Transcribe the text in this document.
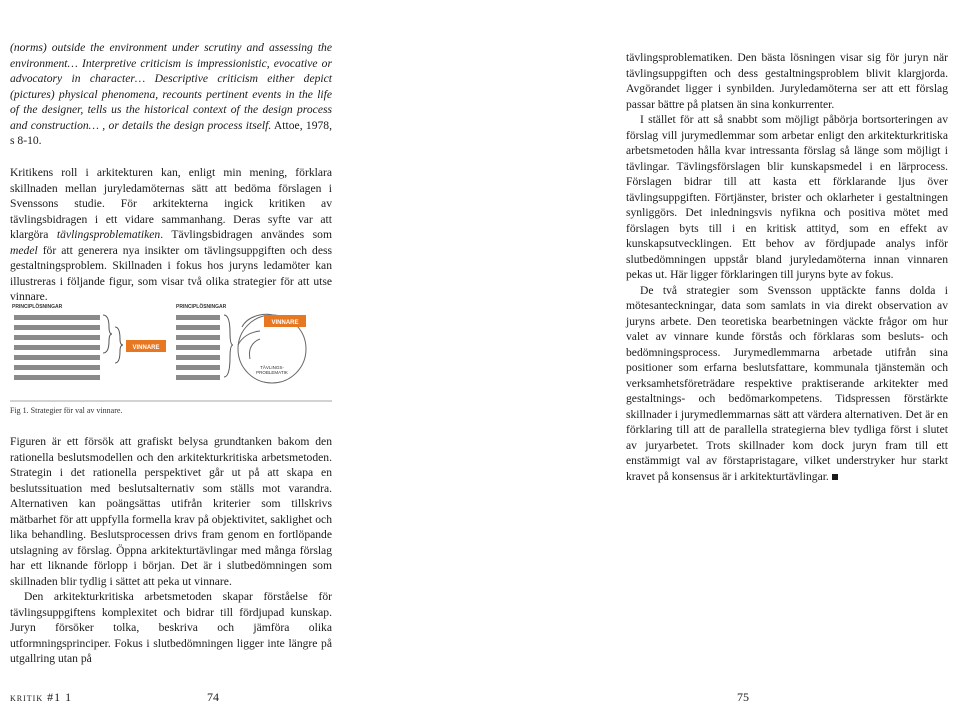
(norms) outside the environment under scrutiny and assessing the environment… Interpretive criticism is impressionistic, evocative or advocatory in character… Descriptive criticism either depict (pictures) physical phenomena, recounts pertinent events in the life of the designer, tells us the historical context of the design process and construction… , or details the design process itself. Attoe, 1978, s 8-10.

Kritikens roll i arkitekturen kan, enligt min mening, förklara skillnaden mellan juryledamöternas sätt att bedöma förslagen i Svenssons studie. För arkitekterna ingick kritiken av tävlingsbidragen i ett vidare sammanhang. Deras syfte var att klargöra tävlingsproblematiken. Tävlingsbidragen användes som medel för att generera nya insikter om tävlingsuppgiften och dess gestaltningsproblem. Skillnaden i fokus hos juryns ledamöter kan illustreras i följande figur, som visar två olika strategier för att utse vinnare.

PRINCIPLÖSNINGAR
VINNARE
PRINCIPLÖSNINGAR
VINNARE
TÄVLINGS-
PROBLEMATIK
Fig 1. Strategier för val av vinnare.

Figuren är ett försök att grafiskt belysa grundtanken bakom den rationella beslutsmodellen och den arkitekturkritiska arbetsmetoden. Strategin i det rationella perspektivet går ut på att skapa en beslutssituation med beslutsalternativ som ställs mot varandra. Alternativen kan poängsättas utifrån kriterier som tillskrivs mätbarhet för att uppfylla formella krav på objektivitet, saklighet och lika behandling. Beslutsprocessen drivs fram genom en fortlöpande utslagning av förslag. Öppna arkitekturtävlingar med många förslag har ett liknande förlopp i början. Det är i slutbedömningen som skillnaden blir tydlig i sättet att peka ut vinnare.

Den arkitekturkritiska arbetsmetoden skapar förståelse för tävlingsuppgiftens komplexitet och bidrar till fördjupad kunskap. Juryn försöker tolka, beskriva och jämföra olika utformningsprinciper. Fokus i slutbedömningen ligger inte längre på utgallring utan på

kritik #1 1	74

tävlingsproblematiken. Den bästa lösningen visar sig för juryn när tävlingsuppgiften och dess gestaltningsproblem blivit klargjorda. Avgörandet ligger i synbilden. Juryledamöterna ser att ett förslag passar bättre på platsen än sina konkurrenter.

I stället för att så snabbt som möjligt påbörja bortsorteringen av förslag vill jurymedlemmar som arbetar enligt den arkitekturkritiska arbetsmetoden hålla kvar intressanta förslag så länge som möjligt i tävlingar. Tävlingsförslagen blir kunskapsmedel i en lärprocess. Förslagen bidrar till att kasta ett förklarande ljus över tävlingsuppgiften. Förtjänster, brister och oklarheter i gestaltningen synliggörs. Det inledningsvis nyfikna och positiva mötet med förslagen byts till i en kritisk attityd, som en effekt av kunskapsutvecklingen. Ett behov av fördjupade analys inför slutbedömningen uppstår bland juryledamöterna innan vinnaren pekas ut. Här ligger förklaringen till juryns byte av fokus.

De två strategier som Svensson upptäckte fanns dolda i mötesanteckningar, data som samlats in via direkt observation av juryns arbete. Den teoretiska bearbetningen väckte frågor om hur valet av vinnare kunde förstås och förklaras som besluts- och bedömningsprocess. Jurymedlemmarna arbetade utifrån sina positioner som erfarna beslutsfattare, kommunala tjänstemän och verksamhetsföreträdare respektive praktiserande arkitekter med gestaltnings- och bedömarkompetens. Tidspressen förstärkte skillnader i jurymedlemmarnas sätt att värdera alternativen. Det är en förklaring till att de parallella strategierna blev tydliga först i slutet av juryarbetet. Trots skillnader kom dock juryn fram till ett enstämmigt val av förstapristagare, vilket understryker hur starkt kravet på konsensus är i arkitekturtävlingar.

75
